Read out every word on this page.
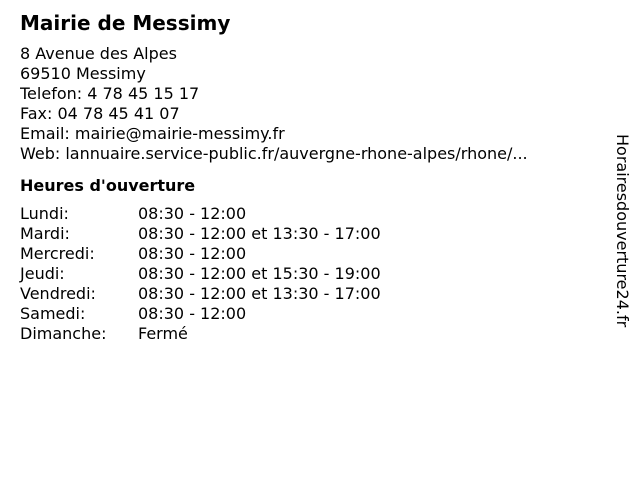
Mairie de Messimy
8 Avenue des Alpes
69510 Messimy
Telefon: 4 78 45 15 17
Fax: 04 78 45 41 07
Email: mairie@mairie-messimy.fr
Web: lannuaire.service-public.fr/auvergne-rhone-alpes/rhone/...
Heures d'ouverture
Lundi:	08:30 - 12:00
Mardi:	08:30 - 12:00 et 13:30 - 17:00
Mercredi:	08:30 - 12:00
Jeudi:	08:30 - 12:00 et 15:30 - 19:00
Vendredi:	08:30 - 12:00 et 13:30 - 17:00
Samedi:	08:30 - 12:00
Dimanche:	Fermé
Horairesdouverture24.fr
